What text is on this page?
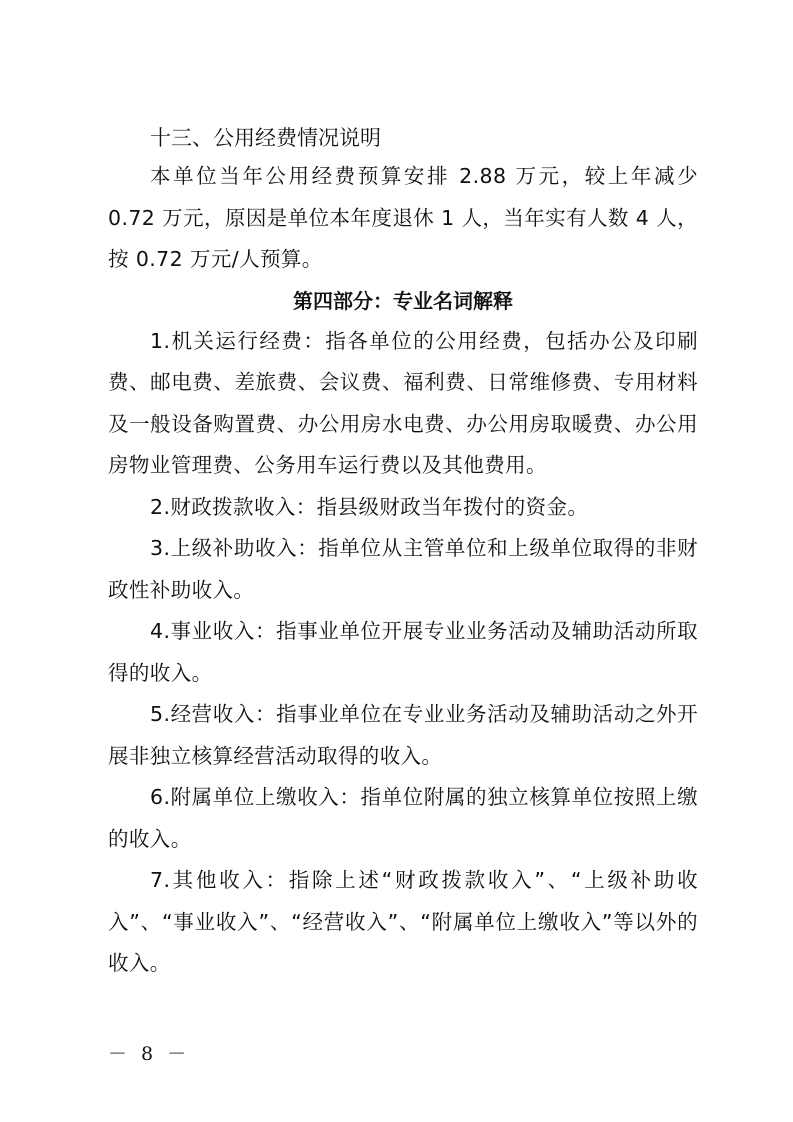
十三、公用经费情况说明

本单位当年公用经费预算安排 2.88 万元，较上年减少 0.72 万元，原因是单位本年度退休 1 人，当年实有人数 4 人，按 0.72 万元/人预算。

第四部分：专业名词解释

1.机关运行经费：指各单位的公用经费，包括办公及印刷费、邮电费、差旅费、会议费、福利费、日常维修费、专用材料及一般设备购置费、办公用房水电费、办公用房取暖费、办公用房物业管理费、公务用车运行费以及其他费用。

2.财政拨款收入：指县级财政当年拨付的资金。

3.上级补助收入：指单位从主管单位和上级单位取得的非财政性补助收入。

4.事业收入：指事业单位开展专业业务活动及辅助活动所取得的收入。

5.经营收入：指事业单位在专业业务活动及辅助活动之外开展非独立核算经营活动取得的收入。

6.附属单位上缴收入：指单位附属的独立核算单位按照上缴的收入。

7.其他收入：指除上述“财政拨款收入”、“上级补助收 入”、“事业收入”、“经营收入”、“附属单位上缴收入”等以外的收入。

－ 8 －
